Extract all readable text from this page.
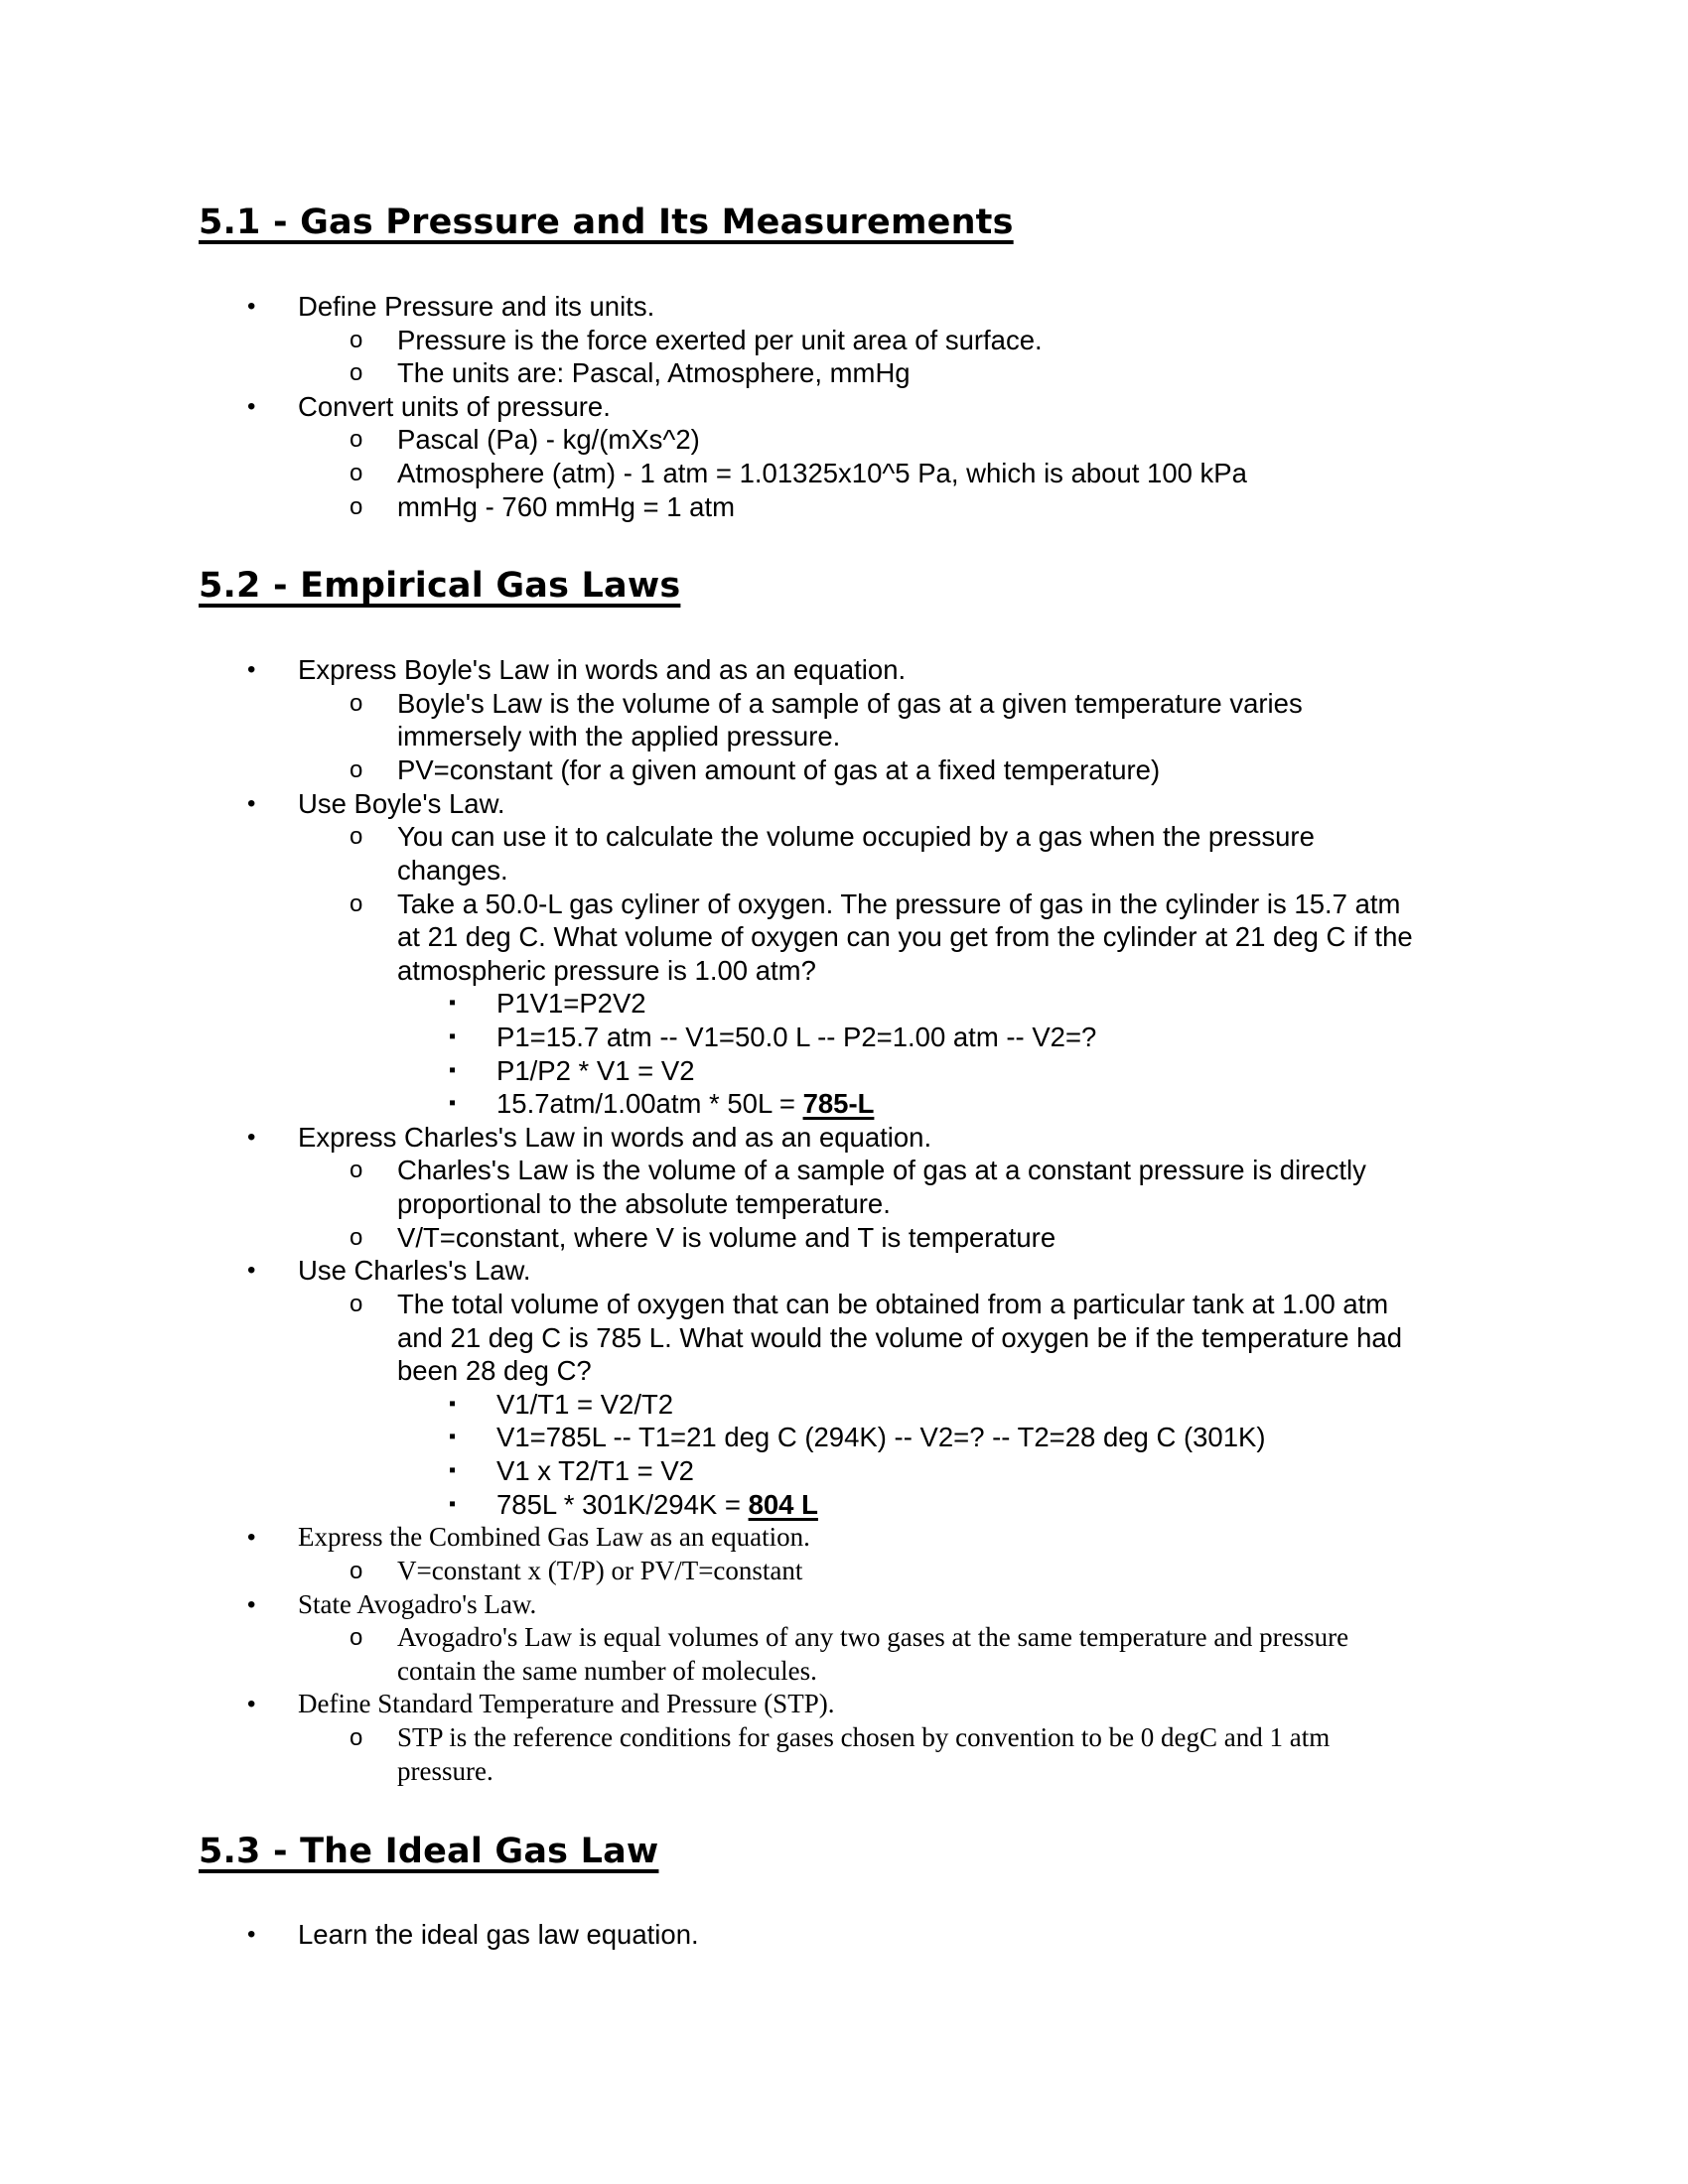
5.1 - Gas Pressure and Its Measurements
• Define Pressure and its units.
o Pressure is the force exerted per unit area of surface.
o The units are: Pascal, Atmosphere, mmHg
• Convert units of pressure.
o Pascal (Pa) - kg/(mXs^2)
o Atmosphere (atm) - 1 atm = 1.01325x10^5 Pa, which is about 100 kPa
o mmHg - 760 mmHg = 1 atm
5.2 - Empirical Gas Laws
• Express Boyle's Law in words and as an equation.
o Boyle's Law is the volume of a sample of gas at a given temperature varies
immersely with the applied pressure.
o PV=constant (for a given amount of gas at a fixed temperature)
• Use Boyle's Law.
o You can use it to calculate the volume occupied by a gas when the pressure
changes.
o Take a 50.0-L gas cyliner of oxygen. The pressure of gas in the cylinder is 15.7 atm
at 21 deg C. What volume of oxygen can you get from the cylinder at 21 deg C if the
atmospheric pressure is 1.00 atm?
▪ P1V1=P2V2
▪ P1=15.7 atm -- V1=50.0 L -- P2=1.00 atm -- V2=?
▪ P1/P2 * V1 = V2
▪ 15.7atm/1.00atm * 50L = 785-L
• Express Charles's Law in words and as an equation.
o Charles's Law is the volume of a sample of gas at a constant pressure is directly
proportional to the absolute temperature.
o V/T=constant, where V is volume and T is temperature
• Use Charles's Law.
o The total volume of oxygen that can be obtained from a particular tank at 1.00 atm
and 21 deg C is 785 L. What would the volume of oxygen be if the temperature had
been 28 deg C?
▪ V1/T1 = V2/T2
▪ V1=785L -- T1=21 deg C (294K) -- V2=? -- T2=28 deg C (301K)
▪ V1 x T2/T1 = V2
▪ 785L * 301K/294K = 804 L
• Express the Combined Gas Law as an equation.
o V=constant x (T/P) or PV/T=constant
• State Avogadro's Law.
o Avogadro's Law is equal volumes of any two gases at the same temperature and pressure
contain the same number of molecules.
• Define Standard Temperature and Pressure (STP).
o STP is the reference conditions for gases chosen by convention to be 0 degC and 1 atm
pressure.
5.3 - The Ideal Gas Law
• Learn the ideal gas law equation.
